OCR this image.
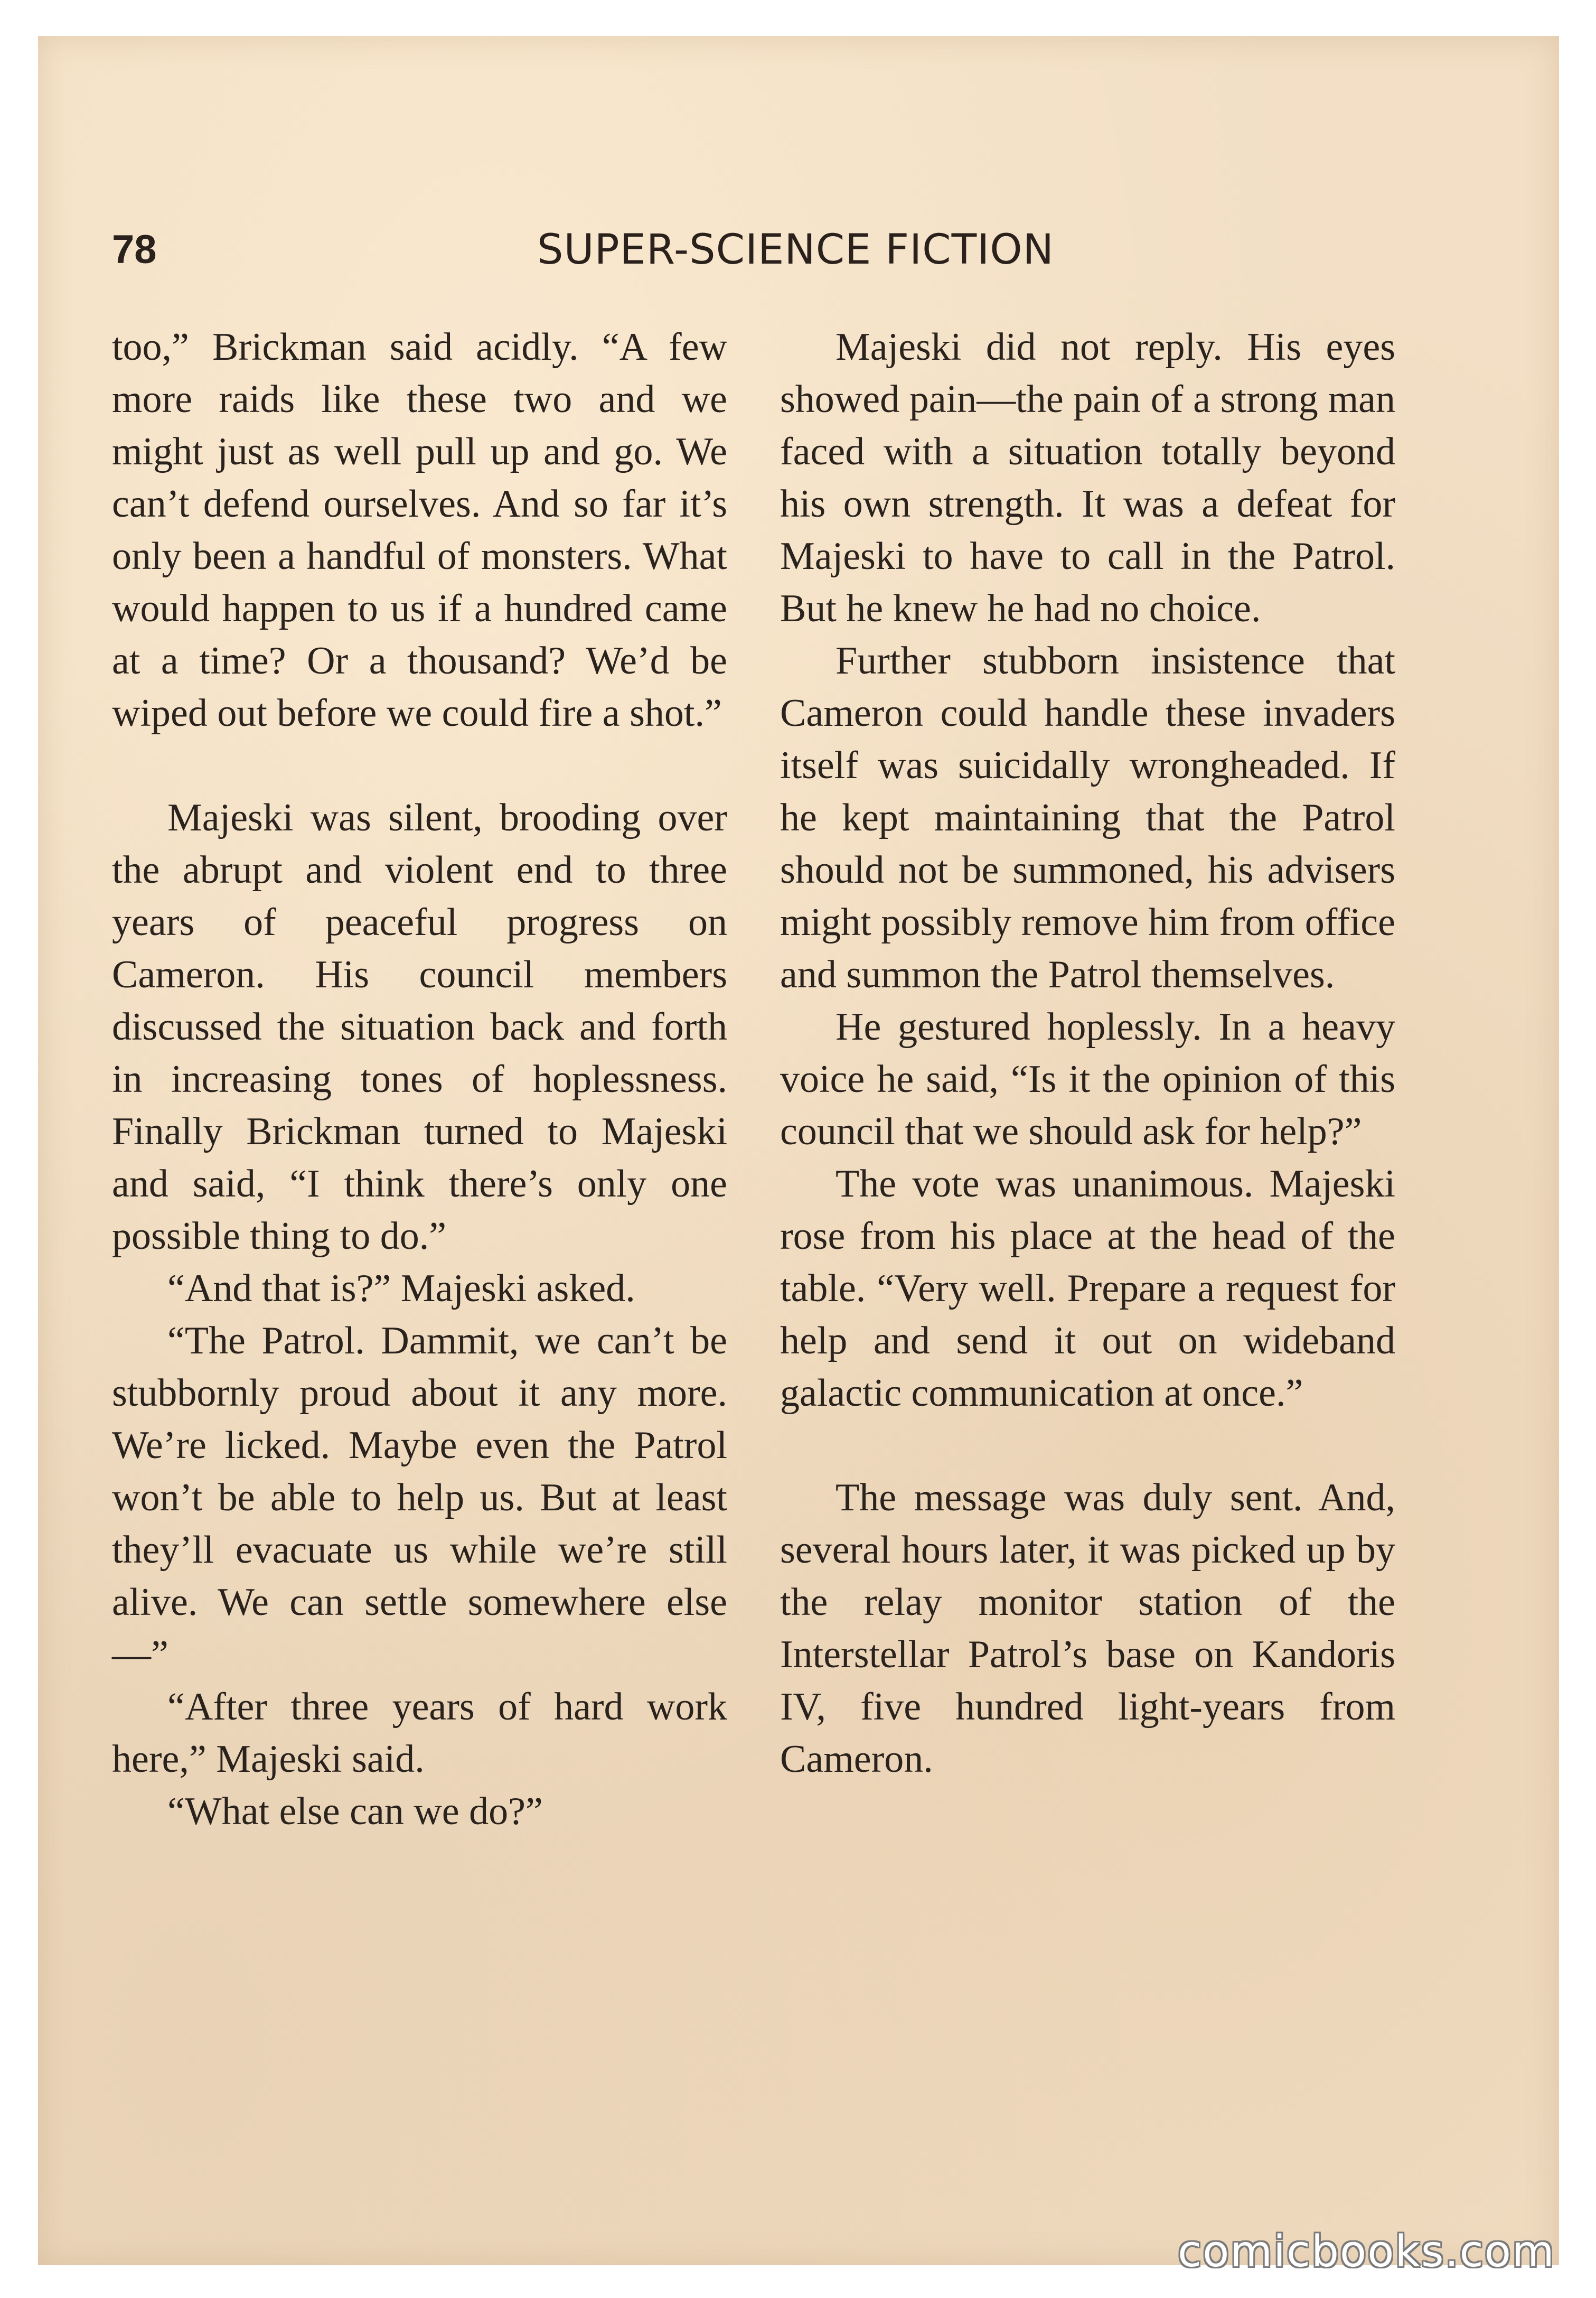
78	SUPER-SCIENCE FICTION

too,” Brickman said acidly. “A few more raids like these two and we might just as well pull up and go. We can’t defend ourselves. And so far it’s only been a handful of monsters. What would happen to us if a hundred came at a time? Or a thousand? We’d be wiped out before we could fire a shot.”

Majeski was silent, brooding over the abrupt and violent end to three years of peaceful progress on Cameron. His council members discussed the situation back and forth in increasing tones of hoplessness. Finally Brickman turned to Majeski and said, “I think there’s only one possible thing to do.”

“And that is?” Majeski asked.

“The Patrol. Dammit, we can’t be stubbornly proud about it any more. We’re licked. Maybe even the Patrol won’t be able to help us. But at least they’ll evacuate us while we’re still alive. We can settle somewhere else—”

“After three years of hard work here,” Majeski said.

“What else can we do?”

Majeski did not reply. His eyes showed pain—the pain of a strong man faced with a situation totally beyond his own strength. It was a defeat for Majeski to have to call in the Patrol. But he knew he had no choice.

Further stubborn insistence that Cameron could handle these invaders itself was suicidally wrongheaded. If he kept maintaining that the Patrol should not be summoned, his advisers might possibly remove him from office and summon the Patrol themselves.

He gestured hoplessly. In a heavy voice he said, “Is it the opinion of this council that we should ask for help?”

The vote was unanimous. Majeski rose from his place at the head of the table. “Very well. Prepare a request for help and send it out on wideband galactic communication at once.”

The message was duly sent. And, several hours later, it was picked up by the relay monitor station of the Interstellar Patrol’s base on Kandoris IV, five hundred light-years from Cameron.

comicbooks.com
